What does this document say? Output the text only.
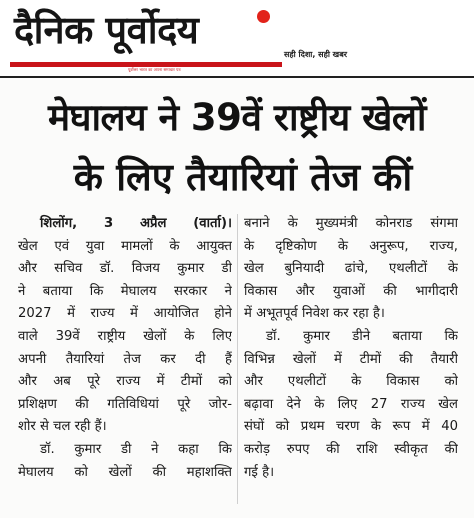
दैनिक पूर्वोदय
सही दिशा, सही खबर
पूर्वोत्तर भारत का अपना समाचार पत्र
मेघालय ने 39वें राष्ट्रीय खेलों
के लिए तैयारियां तेज कीं
शिलोंग, 3 अप्रैल (वार्ता)।
खेल एवं युवा मामलों के आयुक्त
और सचिव डॉ. विजय कुमार डी
ने बताया कि मेघालय सरकार ने
2027 में राज्य में आयोजित होने
वाले 39वें राष्ट्रीय खेलों के लिए
अपनी तैयारियां तेज कर दी हैं
और अब पूरे राज्य में टीमों को
प्रशिक्षण की गतिविधियां पूरे जोर-
शोर से चल रही हैं।
डॉ. कुमार डी ने कहा कि
मेघालय को खेलों की महाशक्ति
बनाने के मुख्यमंत्री कोनराड संगमा
के दृष्टिकोण के अनुरूप, राज्य,
खेल बुनियादी ढांचे, एथलीटों के
विकास और युवाओं की भागीदारी
में अभूतपूर्व निवेश कर रहा है।
डॉ. कुमार डीने बताया कि
विभिन्न खेलों में टीमों की तैयारी
और एथलीटों के विकास को
बढ़ावा देने के लिए 27 राज्य खेल
संघों को प्रथम चरण के रूप में 40
करोड़ रुपए की राशि स्वीकृत की
गई है।
